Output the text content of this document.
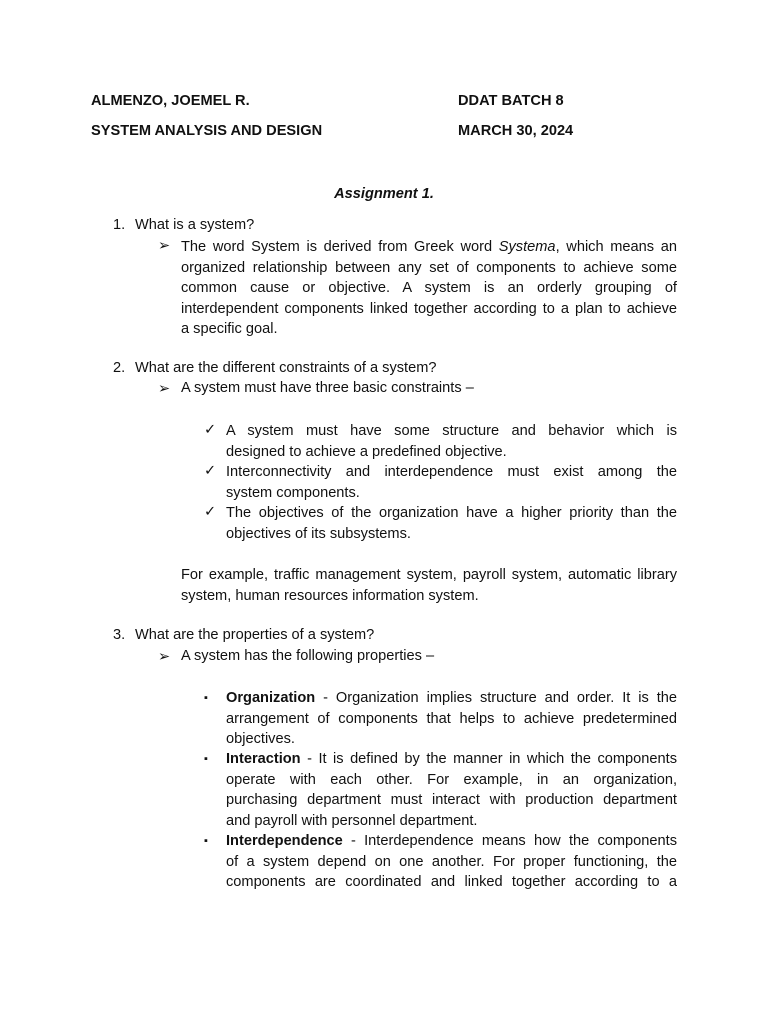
ALMENZO, JOEMEL R.	DDAT BATCH 8
SYSTEM ANALYSIS AND DESIGN	MARCH 30, 2024
Assignment 1.
1. What is a system?
➢ The word System is derived from Greek word Systema, which means an
organized relationship between any set of components to achieve some
common cause or objective. A system is an orderly grouping of
interdependent components linked together according to a plan to achieve
a specific goal.
2. What are the different constraints of a system?
➢ A system must have three basic constraints –
✓ A system must have some structure and behavior which is
designed to achieve a predefined objective.
✓ Interconnectivity and interdependence must exist among the
system components.
✓ The objectives of the organization have a higher priority than the
objectives of its subsystems.
For example, traffic management system, payroll system, automatic library
system, human resources information system.
3. What are the properties of a system?
➢ A system has the following properties –
▪ Organization - Organization implies structure and order. It is the
arrangement of components that helps to achieve predetermined
objectives.
▪ Interaction - It is defined by the manner in which the components
operate with each other. For example, in an organization,
purchasing department must interact with production department
and payroll with personnel department.
▪ Interdependence - Interdependence means how the components
of a system depend on one another. For proper functioning, the
components are coordinated and linked together according to a
